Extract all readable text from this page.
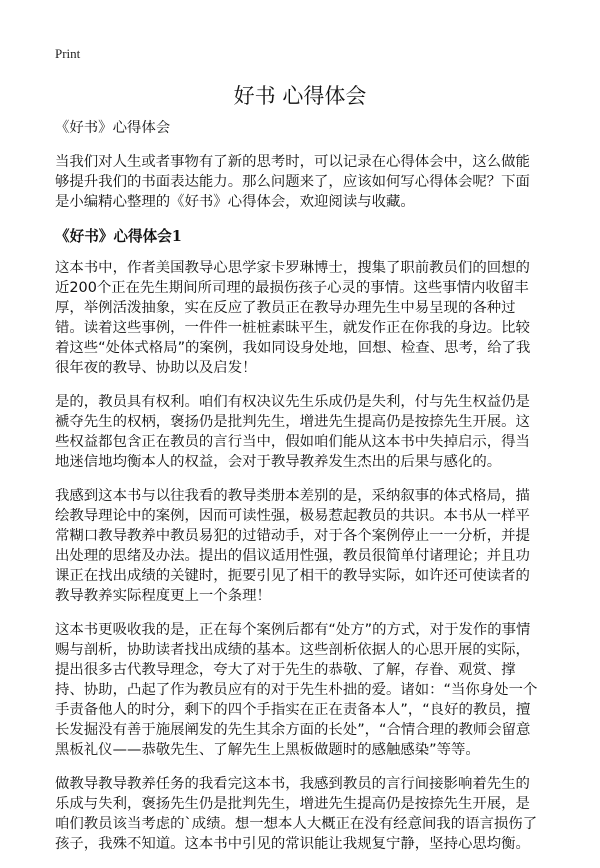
Print
好书 心得体会

《好书》心得体会

当我们对人生或者事物有了新的思考时，可以记录在心得体会中，这么做能够提升我们的书面表达能力。那么问题来了，应该如何写心得体会呢？下面是小编精心整理的《好书》心得体会，欢迎阅读与收藏。

《好书》心得体会1

这本书中，作者美国教导心思学家卡罗琳博士，搜集了职前教员们的回想的近200个正在先生期间所司理的最损伤孩子心灵的事情。这些事情内收留丰厚，举例活泼抽象，实在反应了教员正在教导办理先生中易呈现的各种过错。读着这些事例，一件件一桩桩素昧平生，就发作正在你我的身边。比较着这些“处体式格局”的案例，我如同设身处地，回想、检查、思考，给了我很年夜的教导、协助以及启发！

是的，教员具有权利。咱们有权决议先生乐成仍是失利，付与先生权益仍是褫夺先生的权柄，褒扬仍是批判先生，增进先生提高仍是按捺先生开展。这些权益都包含正在教员的言行当中，假如咱们能从这本书中失掉启示，得当地迷信地均衡本人的权益，会对于教导教养发生杰出的后果与感化的。

我感到这本书与以往我看的教导类册本差别的是，采纳叙事的体式格局，描绘教导理论中的案例，因而可读性强，极易惹起教员的共识。本书从一样平常糊口教导教养中教员易犯的过错动手，对于各个案例停止一一分析，并提出处理的思绪及办法。提出的倡议适用性强，教员很简单付诸理论；并且功课正在找出成绩的关键时，扼要引见了相干的教导实际，如许还可使读者的教导教养实际程度更上一个条理！

这本书更吸收我的是，正在每个案例后都有“处方”的方式，对于发作的事情赐与剖析，协助读者找出成绩的基本。这些剖析依据人的心思开展的实际，提出很多古代教导理念，夸大了对于先生的恭敬、了解，存眷、观赏、撑持、协助，凸起了作为教员应有的对于先生朴拙的爱。诸如：“当你身处一个手责备他人的时分，剩下的四个手指实在正在责备本人”，“良好的教员，擅长发掘没有善于施展阐发的先生其余方面的长处”，“合情合理的教师会留意黑板礼仪——恭敬先生、了解先生上黑板做题时的感触感染”等等。

做教导教导教养任务的我看完这本书，我感到教员的言行间接影响着先生的乐成与失利，褒扬先生仍是批判先生，增进先生提高仍是按捺先生开展，是咱们教员该当考虑的`成绩。想一想本人大概正在没有经意间我的语言损伤了孩子，我殊不知道。这本书中引见的常识能让我规复宁静，坚持心思均衡。
